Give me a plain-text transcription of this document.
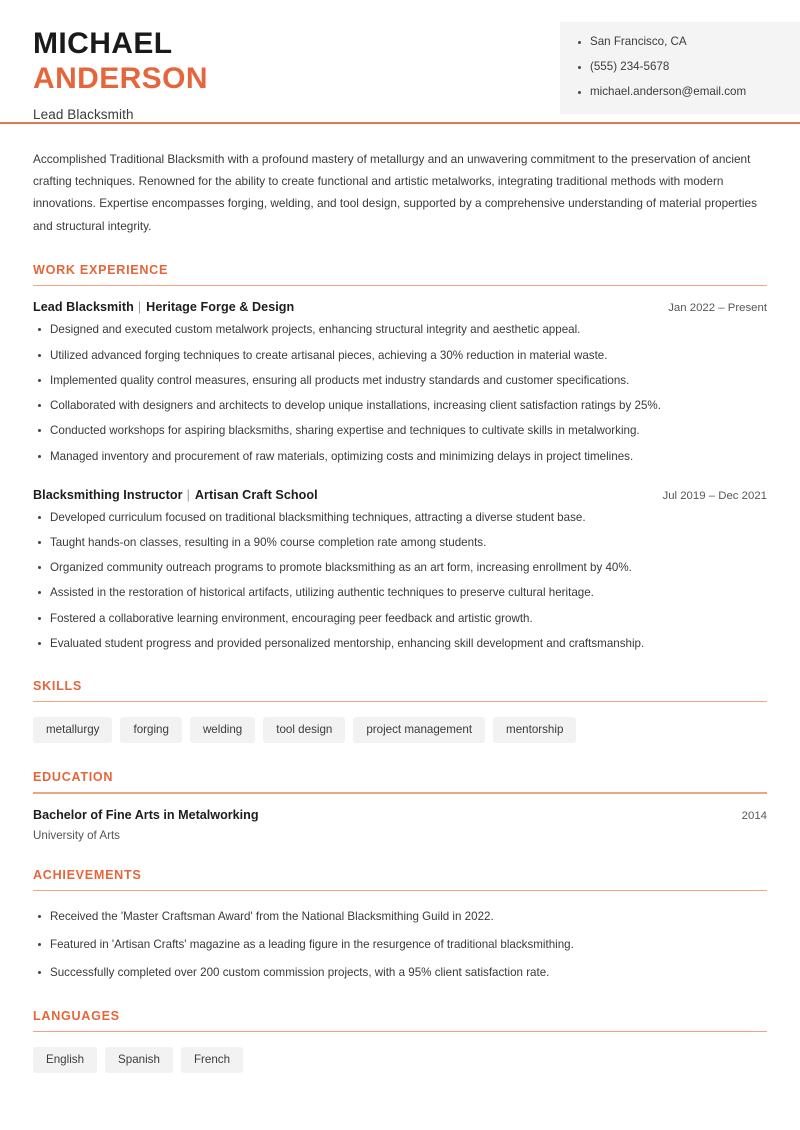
MICHAEL
ANDERSON
Lead Blacksmith
San Francisco, CA
(555) 234-5678
michael.anderson@email.com

Accomplished Traditional Blacksmith with a profound mastery of metallurgy and an unwavering commitment to the preservation of ancient crafting techniques. Renowned for the ability to create functional and artistic metalworks, integrating traditional methods with modern innovations. Expertise encompasses forging, welding, and tool design, supported by a comprehensive understanding of material properties and structural integrity.

WORK EXPERIENCE
Lead Blacksmith | Heritage Forge & Design	Jan 2022 – Present
Designed and executed custom metalwork projects, enhancing structural integrity and aesthetic appeal.
Utilized advanced forging techniques to create artisanal pieces, achieving a 30% reduction in material waste.
Implemented quality control measures, ensuring all products met industry standards and customer specifications.
Collaborated with designers and architects to develop unique installations, increasing client satisfaction ratings by 25%.
Conducted workshops for aspiring blacksmiths, sharing expertise and techniques to cultivate skills in metalworking.
Managed inventory and procurement of raw materials, optimizing costs and minimizing delays in project timelines.
Blacksmithing Instructor | Artisan Craft School	Jul 2019 – Dec 2021
Developed curriculum focused on traditional blacksmithing techniques, attracting a diverse student base.
Taught hands-on classes, resulting in a 90% course completion rate among students.
Organized community outreach programs to promote blacksmithing as an art form, increasing enrollment by 40%.
Assisted in the restoration of historical artifacts, utilizing authentic techniques to preserve cultural heritage.
Fostered a collaborative learning environment, encouraging peer feedback and artistic growth.
Evaluated student progress and provided personalized mentorship, enhancing skill development and craftsmanship.
SKILLS
metallurgy	forging	welding	tool design	project management	mentorship
EDUCATION
Bachelor of Fine Arts in Metalworking	2014
University of Arts
ACHIEVEMENTS
Received the 'Master Craftsman Award' from the National Blacksmithing Guild in 2022.
Featured in 'Artisan Crafts' magazine as a leading figure in the resurgence of traditional blacksmithing.
Successfully completed over 200 custom commission projects, with a 95% client satisfaction rate.
LANGUAGES
English	Spanish	French
